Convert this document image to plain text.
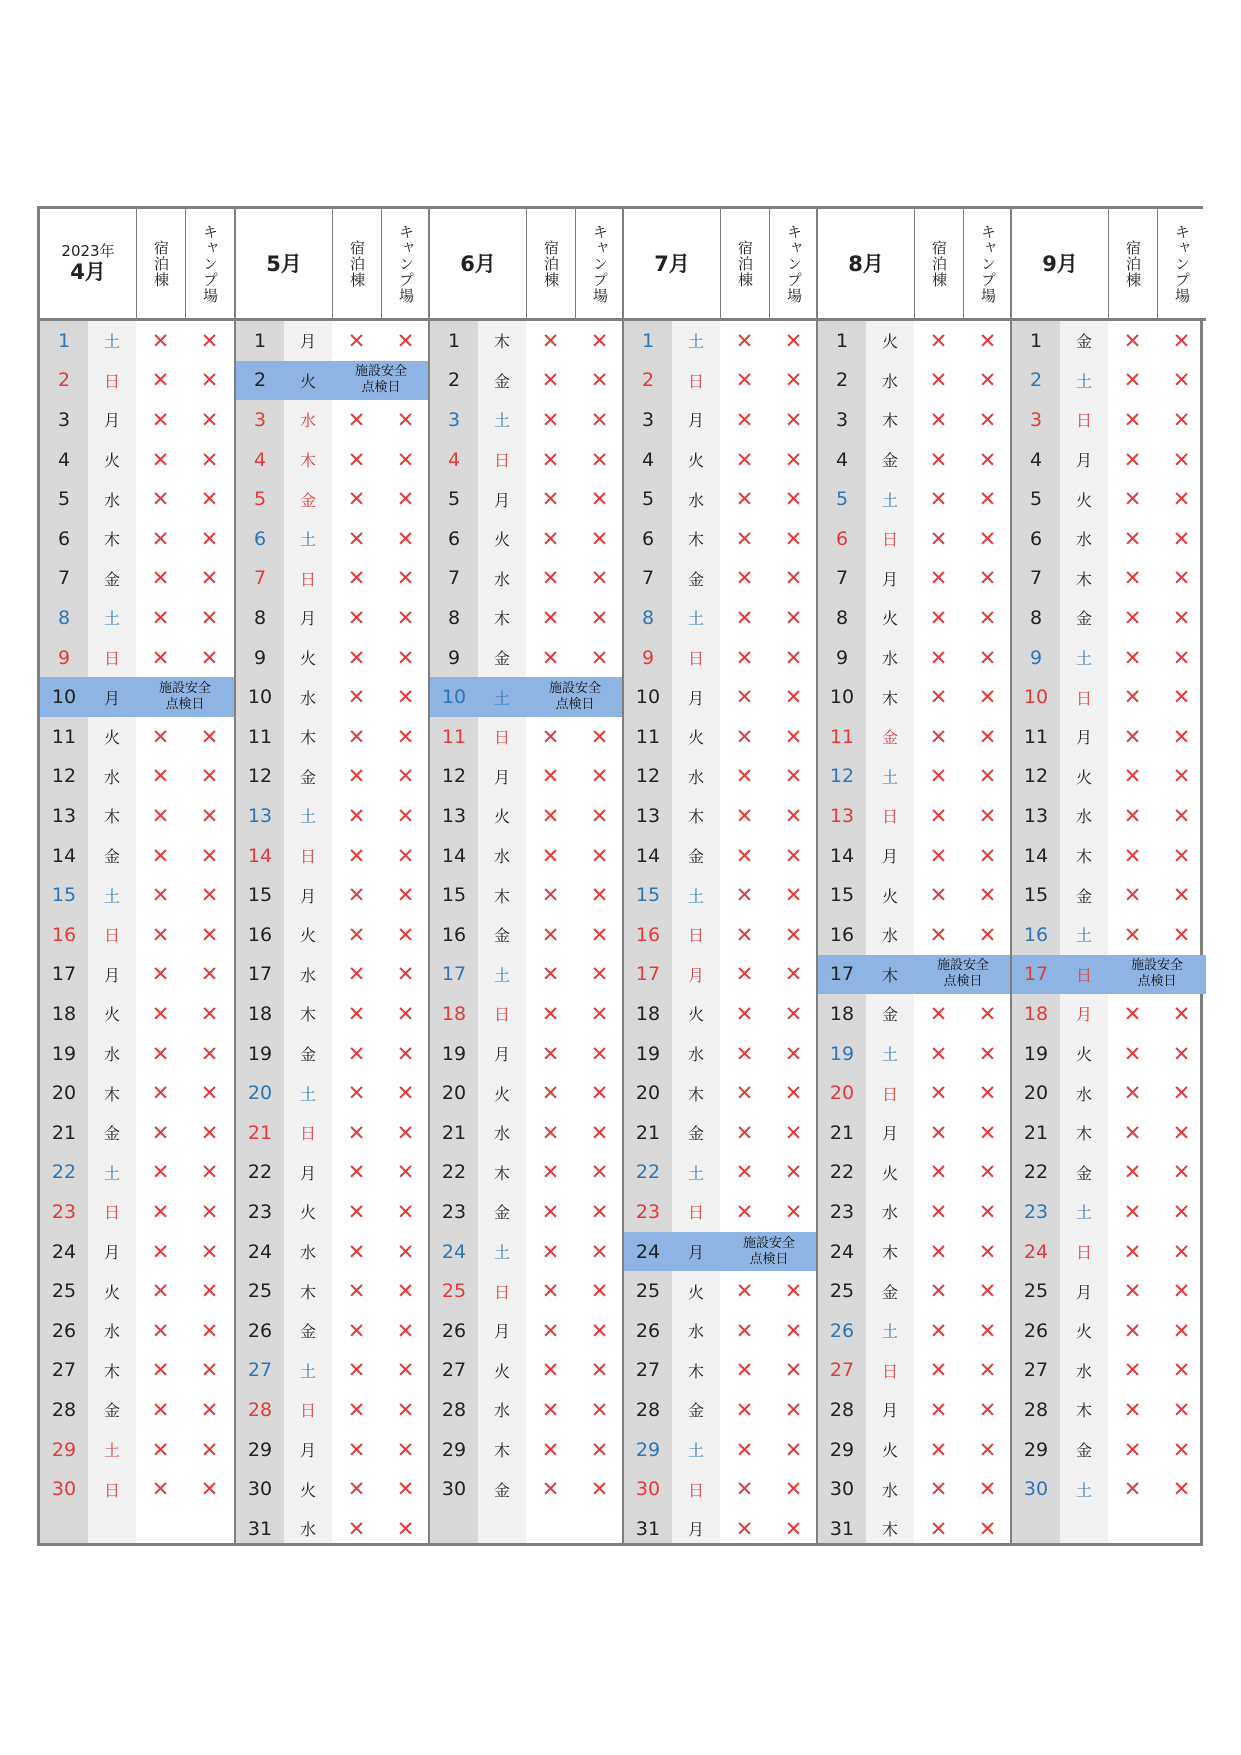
2023年
4月	宿泊棟 キャンプ場
1	土	✕	✕
2	日	✕	✕
3	月	✕	✕
4	火	✕	✕
5	水	✕	✕
6	木	✕	✕
7	金	✕	✕
8	土	✕	✕
9	日	✕	✕
10	月	施設安全
点検日
11	火	✕	✕
12	水	✕	✕
13	木	✕	✕
14	金	✕	✕
15	土	✕	✕
16	日	✕	✕
17	月	✕	✕
18	火	✕	✕
19	水	✕	✕
20	木	✕	✕
21	金	✕	✕
22	土	✕	✕
23	日	✕	✕
24	月	✕	✕
25	火	✕	✕
26	水	✕	✕
27	木	✕	✕
28	金	✕	✕
29	土	✕	✕
30	日	✕	✕
5月	宿泊棟 キャンプ場
1	月	✕	✕
2	火	施設安全
点検日
3	水	✕	✕
4	木	✕	✕
5	金	✕	✕
6	土	✕	✕
7	日	✕	✕
8	月	✕	✕
9	火	✕	✕
10	水	✕	✕
11	木	✕	✕
12	金	✕	✕
13	土	✕	✕
14	日	✕	✕
15	月	✕	✕
16	火	✕	✕
17	水	✕	✕
18	木	✕	✕
19	金	✕	✕
20	土	✕	✕
21	日	✕	✕
22	月	✕	✕
23	火	✕	✕
24	水	✕	✕
25	木	✕	✕
26	金	✕	✕
27	土	✕	✕
28	日	✕	✕
29	月	✕	✕
30	火	✕	✕
31	水	✕	✕
6月	宿泊棟 キャンプ場
1	木	✕	✕
2	金	✕	✕
3	土	✕	✕
4	日	✕	✕
5	月	✕	✕
6	火	✕	✕
7	水	✕	✕
8	木	✕	✕
9	金	✕	✕
10	土	施設安全
点検日
11	日	✕	✕
12	月	✕	✕
13	火	✕	✕
14	水	✕	✕
15	木	✕	✕
16	金	✕	✕
17	土	✕	✕
18	日	✕	✕
19	月	✕	✕
20	火	✕	✕
21	水	✕	✕
22	木	✕	✕
23	金	✕	✕
24	土	✕	✕
25	日	✕	✕
26	月	✕	✕
27	火	✕	✕
28	水	✕	✕
29	木	✕	✕
30	金	✕	✕
7月	宿泊棟 キャンプ場
1	土	✕	✕
2	日	✕	✕
3	月	✕	✕
4	火	✕	✕
5	水	✕	✕
6	木	✕	✕
7	金	✕	✕
8	土	✕	✕
9	日	✕	✕
10	月	✕	✕
11	火	✕	✕
12	水	✕	✕
13	木	✕	✕
14	金	✕	✕
15	土	✕	✕
16	日	✕	✕
17	月	✕	✕
18	火	✕	✕
19	水	✕	✕
20	木	✕	✕
21	金	✕	✕
22	土	✕	✕
23	日	✕	✕
24	月	施設安全
点検日
25	火	✕	✕
26	水	✕	✕
27	木	✕	✕
28	金	✕	✕
29	土	✕	✕
30	日	✕	✕
31	月	✕	✕
8月	宿泊棟 キャンプ場
1	火	✕	✕
2	水	✕	✕
3	木	✕	✕
4	金	✕	✕
5	土	✕	✕
6	日	✕	✕
7	月	✕	✕
8	火	✕	✕
9	水	✕	✕
10	木	✕	✕
11	金	✕	✕
12	土	✕	✕
13	日	✕	✕
14	月	✕	✕
15	火	✕	✕
16	水	✕	✕
17	木	施設安全
点検日
18	金	✕	✕
19	土	✕	✕
20	日	✕	✕
21	月	✕	✕
22	火	✕	✕
23	水	✕	✕
24	木	✕	✕
25	金	✕	✕
26	土	✕	✕
27	日	✕	✕
28	月	✕	✕
29	火	✕	✕
30	水	✕	✕
31	木	✕	✕
9月	宿泊棟 キャンプ場
1	金	✕	✕
2	土	✕	✕
3	日	✕	✕
4	月	✕	✕
5	火	✕	✕
6	水	✕	✕
7	木	✕	✕
8	金	✕	✕
9	土	✕	✕
10	日	✕	✕
11	月	✕	✕
12	火	✕	✕
13	水	✕	✕
14	木	✕	✕
15	金	✕	✕
16	土	✕	✕
17	日	施設安全
点検日
18	月	✕	✕
19	火	✕	✕
20	水	✕	✕
21	木	✕	✕
22	金	✕	✕
23	土	✕	✕
24	日	✕	✕
25	月	✕	✕
26	火	✕	✕
27	水	✕	✕
28	木	✕	✕
29	金	✕	✕
30	土	✕	✕
